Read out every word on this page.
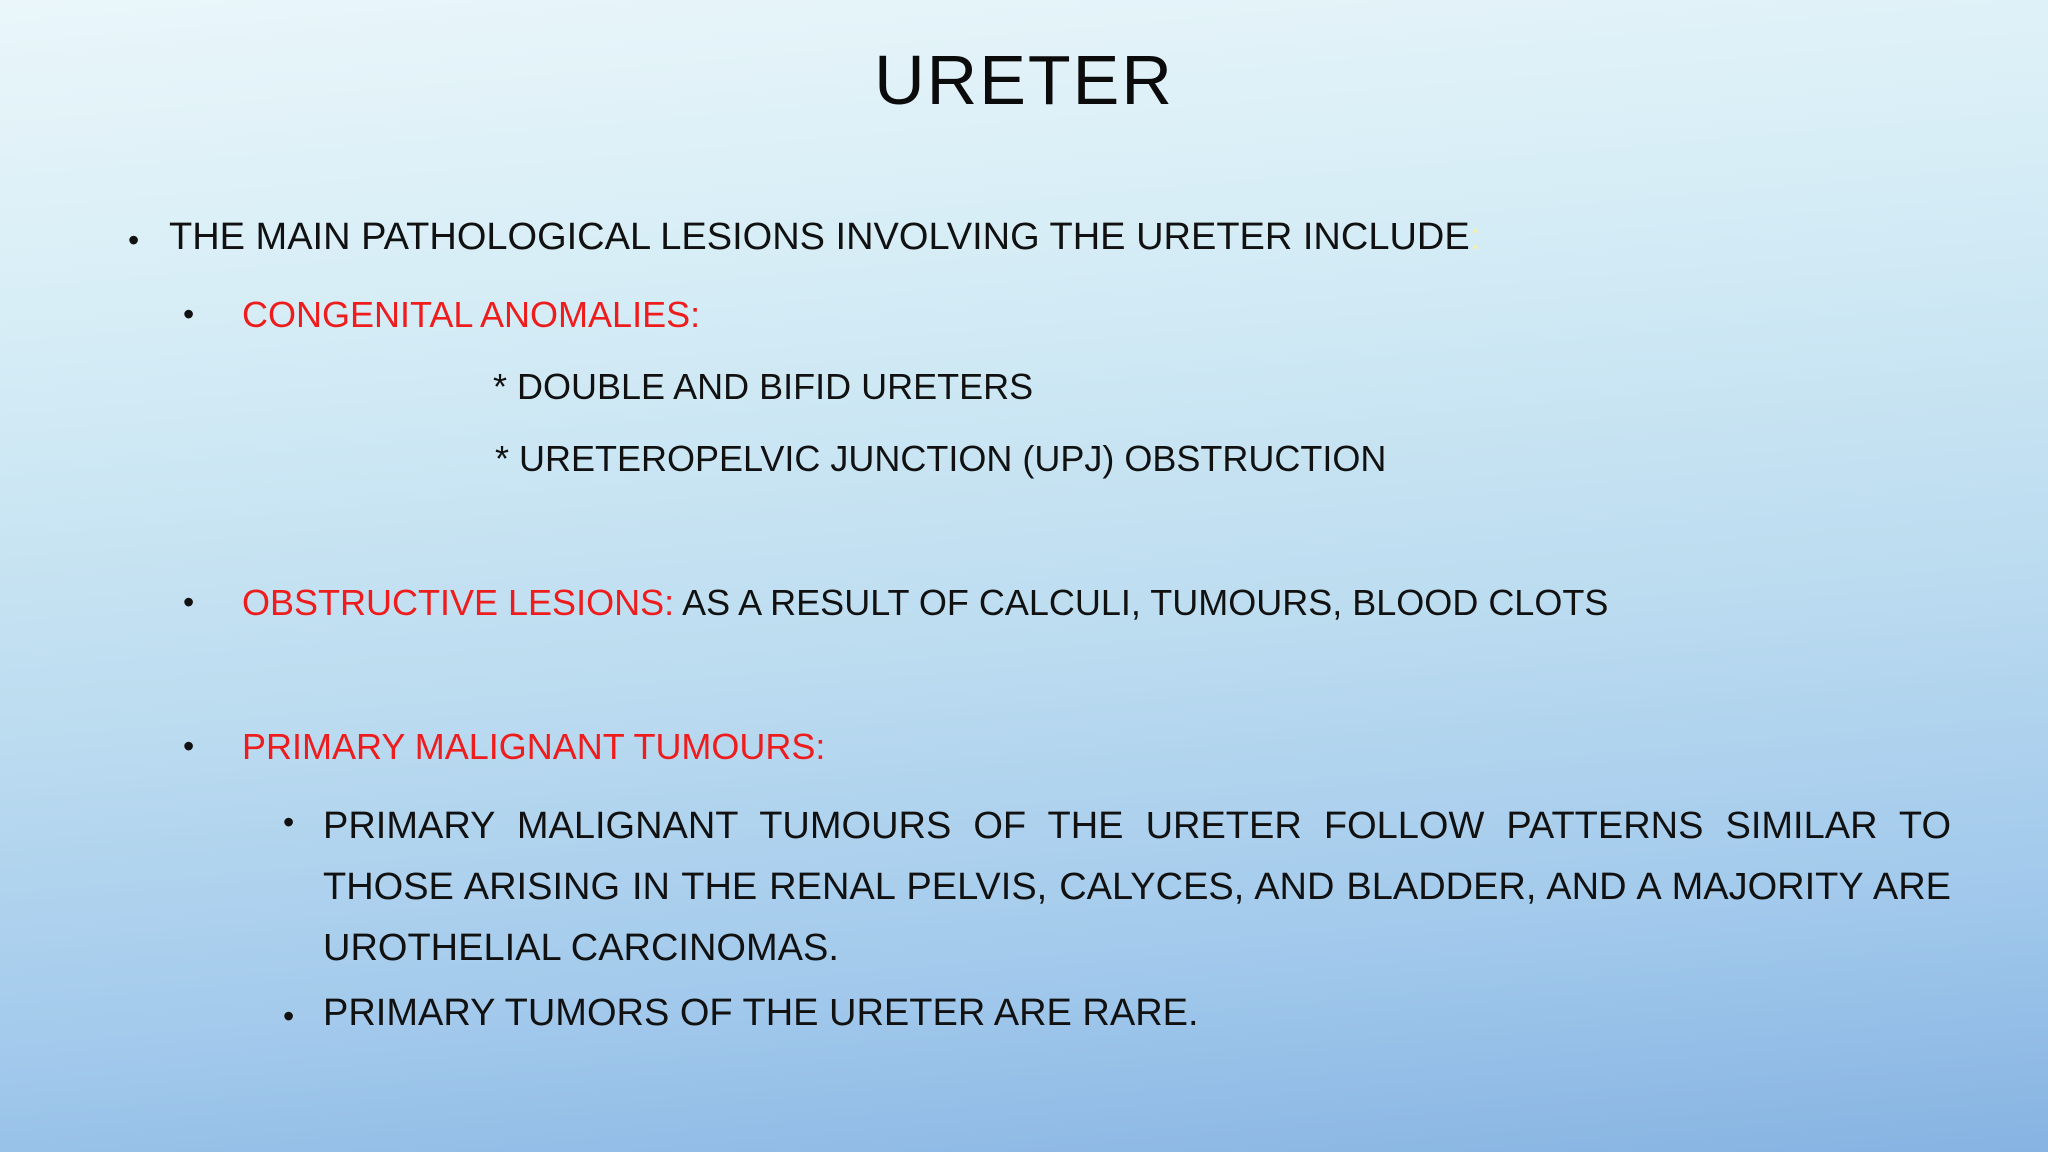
URETER
• THE MAIN PATHOLOGICAL LESIONS INVOLVING THE URETER INCLUDE:
• CONGENITAL ANOMALIES:
* DOUBLE AND BIFID URETERS
* URETEROPELVIC JUNCTION (UPJ) OBSTRUCTION
• OBSTRUCTIVE LESIONS: AS A RESULT OF CALCULI, TUMOURS, BLOOD CLOTS
• PRIMARY MALIGNANT TUMOURS:
• PRIMARY MALIGNANT TUMOURS OF THE URETER FOLLOW PATTERNS SIMILAR TO THOSE ARISING IN THE RENAL PELVIS, CALYCES, AND BLADDER, AND A MAJORITY ARE UROTHELIAL CARCINOMAS.
• PRIMARY TUMORS OF THE URETER ARE RARE.
